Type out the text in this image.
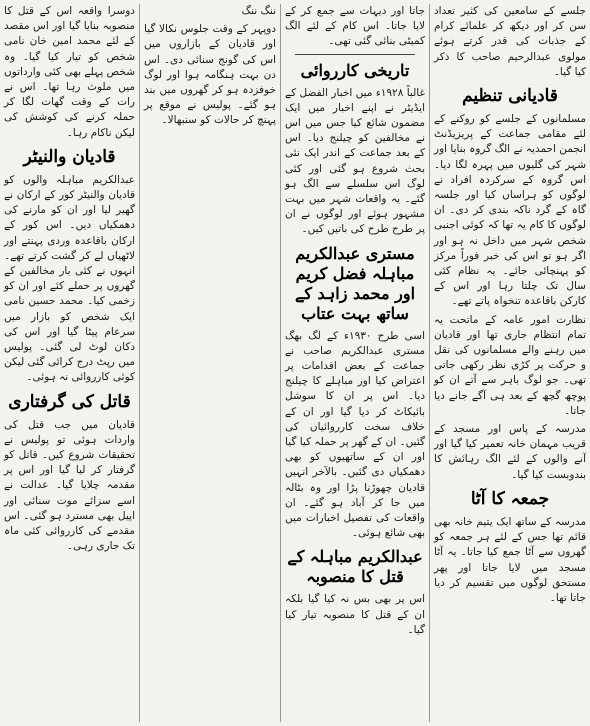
جلسے کے سامعین کی کثیر تعداد سن کر اور دیکھ کر علمائے کرام کے جذبات کی قدر کرتے ہوئے مولوی عبدالرحیم صاحب کا ذکر کیا گیا۔

قادیانی تنظیم

مسلمانوں کے جلسے کو روکنے کے لئے مقامی جماعت کے پریزیڈنٹ انجمن احمدیہ نے الگ گروہ بنایا اور شہر کی گلیوں میں پہرہ لگا دیا۔ اس گروہ کے سرکردہ افراد نے لوگوں کو ہراساں کیا اور جلسہ گاہ کے گرد ناکہ بندی کر دی۔ ان لوگوں کا کام یہ تھا کہ کوئی اجنبی شخص شہر میں داخل نہ ہو اور اگر ہو تو اس کی خبر فوراً مرکز کو پہنچائی جائے۔ یہ نظام کئی سال تک چلتا رہا اور اس کے کارکن باقاعدہ تنخواہ پاتے تھے۔

نظارت امور عامہ کے ماتحت یہ تمام انتظام جاری تھا اور قادیان میں رہنے والے مسلمانوں کی نقل و حرکت پر کڑی نظر رکھی جاتی تھی۔ جو لوگ باہر سے آتے ان کو پوچھ گچھ کے بعد ہی آگے جانے دیا جاتا۔

مدرسہ کے پاس اور مسجد کے قریب مہمان خانہ تعمیر کیا گیا اور آنے والوں کے لئے الگ رہائش کا بندوبست کیا گیا۔

جمعہ کا آٹا

مدرسہ کے ساتھ ایک یتیم خانہ بھی قائم تھا جس کے لئے ہر جمعہ کو گھروں سے آٹا جمع کیا جاتا۔ یہ آٹا مسجد میں لایا جاتا اور پھر مستحق لوگوں میں تقسیم کر دیا جاتا تھا۔

جاتا اور دیہات سے جمع کر کے لایا جاتا۔ اس کام کے لئے الگ کمیٹی بنائی گئی تھی۔

تاریخی کارروائی

غالباً ۱۹۲۸ء میں اخبار الفضل کے ایڈیٹر نے اپنے اخبار میں ایک مضمون شائع کیا جس میں اس نے مخالفین کو چیلنج دیا۔ اس کے بعد جماعت کے اندر ایک نئی بحث شروع ہو گئی اور کئی لوگ اس سلسلے سے الگ ہو گئے۔ یہ واقعات شہر میں بہت مشہور ہوئے اور لوگوں نے ان پر طرح طرح کی باتیں کیں۔

مستری عبدالکریم مباہلہ فضل کریم اور محمد زاہد کے ساتھ بہت عتاب

اسی طرح ۱۹۳۰ء کے لگ بھگ مستری عبدالکریم صاحب نے جماعت کے بعض اقدامات پر اعتراض کیا اور مباہلے کا چیلنج دیا۔ اس پر ان کا سوشل بائیکاٹ کر دیا گیا اور ان کے خلاف سخت کارروائیاں کی گئیں۔ ان کے گھر پر حملہ کیا گیا اور ان کے ساتھیوں کو بھی دھمکیاں دی گئیں۔ بالآخر انہیں قادیان چھوڑنا پڑا اور وہ بٹالہ میں جا کر آباد ہو گئے۔ ان واقعات کی تفصیل اخبارات میں بھی شائع ہوئی۔

عبدالکریم مباہلہ کے قتل کا منصوبہ

اس پر بھی بس نہ کیا گیا بلکہ ان کے قتل کا منصوبہ تیار کیا گیا۔

ننگ ننگ

دوپہر کے وقت جلوس نکالا گیا اور قادیان کے بازاروں میں اس کی گونج سنائی دی۔ اس دن بہت ہنگامہ ہوا اور لوگ خوفزدہ ہو کر گھروں میں بند ہو گئے۔ پولیس نے موقع پر پہنچ کر حالات کو سنبھالا۔

دوسرا واقعہ اس کے قتل کا منصوبہ بنایا گیا اور اس مقصد کے لئے محمد امین خان نامی شخص کو تیار کیا گیا۔ وہ شخص پہلے بھی کئی وارداتوں میں ملوث رہا تھا۔ اس نے رات کے وقت گھات لگا کر حملہ کرنے کی کوشش کی لیکن ناکام رہا۔

قادیان والنیٹر

عبدالکریم مباہلہ والوں کو قادیان والنیٹر کور کے ارکان نے گھیر لیا اور ان کو مارنے کی دھمکیاں دیں۔ اس کور کے ارکان باقاعدہ وردی پہنتے اور لاٹھیاں لے کر گشت کرتے تھے۔ انہوں نے کئی بار مخالفین کے گھروں پر حملے کئے اور ان کو زخمی کیا۔ محمد حسین نامی ایک شخص کو بازار میں سرعام پیٹا گیا اور اس کی دکان لوٹ لی گئی۔ پولیس میں رپٹ درج کرائی گئی لیکن کوئی کارروائی نہ ہوئی۔

قاتل کی گرفتاری

قادیان میں جب قتل کی واردات ہوئی تو پولیس نے تحقیقات شروع کیں۔ قاتل کو گرفتار کر لیا گیا اور اس پر مقدمہ چلایا گیا۔ عدالت نے اسے سزائے موت سنائی اور اپیل بھی مسترد ہو گئی۔ اس مقدمے کی کارروائی کئی ماہ تک جاری رہی۔
